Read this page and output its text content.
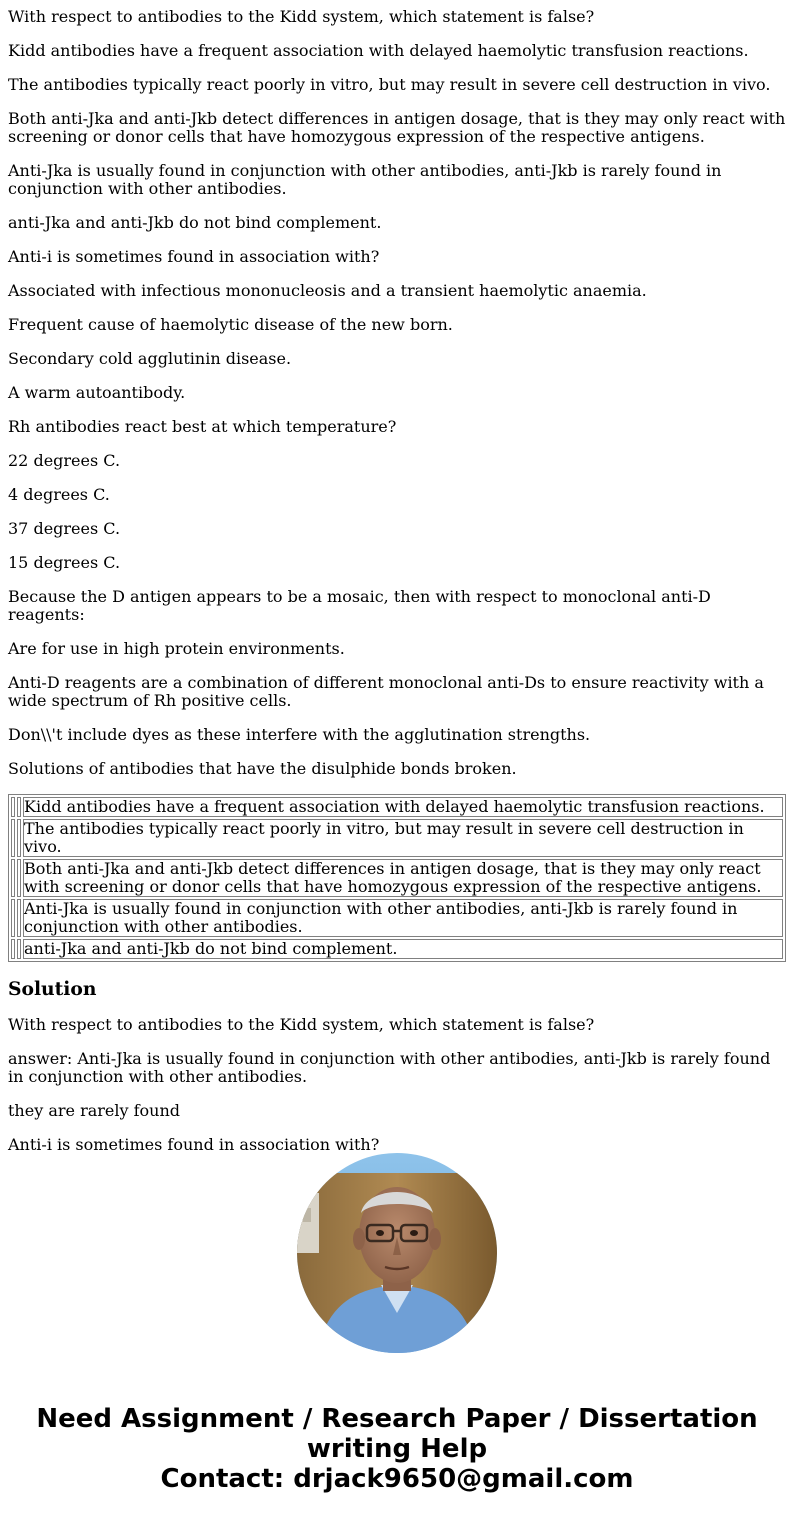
With respect to antibodies to the Kidd system, which statement is false?

Kidd antibodies have a frequent association with delayed haemolytic transfusion reactions.

The antibodies typically react poorly in vitro, but may result in severe cell destruction in vivo.

Both anti-Jka and anti-Jkb detect differences in antigen dosage, that is they may only react with screening or donor cells that have homozygous expression of the respective antigens.

Anti-Jka is usually found in conjunction with other antibodies, anti-Jkb is rarely found in conjunction with other antibodies.

anti-Jka and anti-Jkb do not bind complement.

Anti-i is sometimes found in association with?

Associated with infectious mononucleosis and a transient haemolytic anaemia.

Frequent cause of haemolytic disease of the new born.

Secondary cold agglutinin disease.

A warm autoantibody.

Rh antibodies react best at which temperature?

22 degrees C.

4 degrees C.

37 degrees C.

15 degrees C.

Because the D antigen appears to be a mosaic, then with respect to monoclonal anti-D reagents:

Are for use in high protein environments.

Anti-D reagents are a combination of different monoclonal anti-Ds to ensure reactivity with a wide spectrum of Rh positive cells.

Don\\'t include dyes as these interfere with the agglutination strengths.

Solutions of antibodies that have the disulphide bonds broken.

		Kidd antibodies have a frequent association with delayed haemolytic transfusion reactions.
		The antibodies typically react poorly in vitro, but may result in severe cell destruction in vivo.
		Both anti-Jka and anti-Jkb detect differences in antigen dosage, that is they may only react with screening or donor cells that have homozygous expression of the respective antigens.
		Anti-Jka is usually found in conjunction with other antibodies, anti-Jkb is rarely found in conjunction with other antibodies.
		anti-Jka and anti-Jkb do not bind complement.
Solution

With respect to antibodies to the Kidd system, which statement is false?

answer: Anti-Jka is usually found in conjunction with other antibodies, anti-Jkb is rarely found in conjunction with other antibodies.

they are rarely found

Anti-i is sometimes found in association with?

Need Assignment / Research Paper / Dissertation writing Help
Contact: drjack9650@gmail.com
